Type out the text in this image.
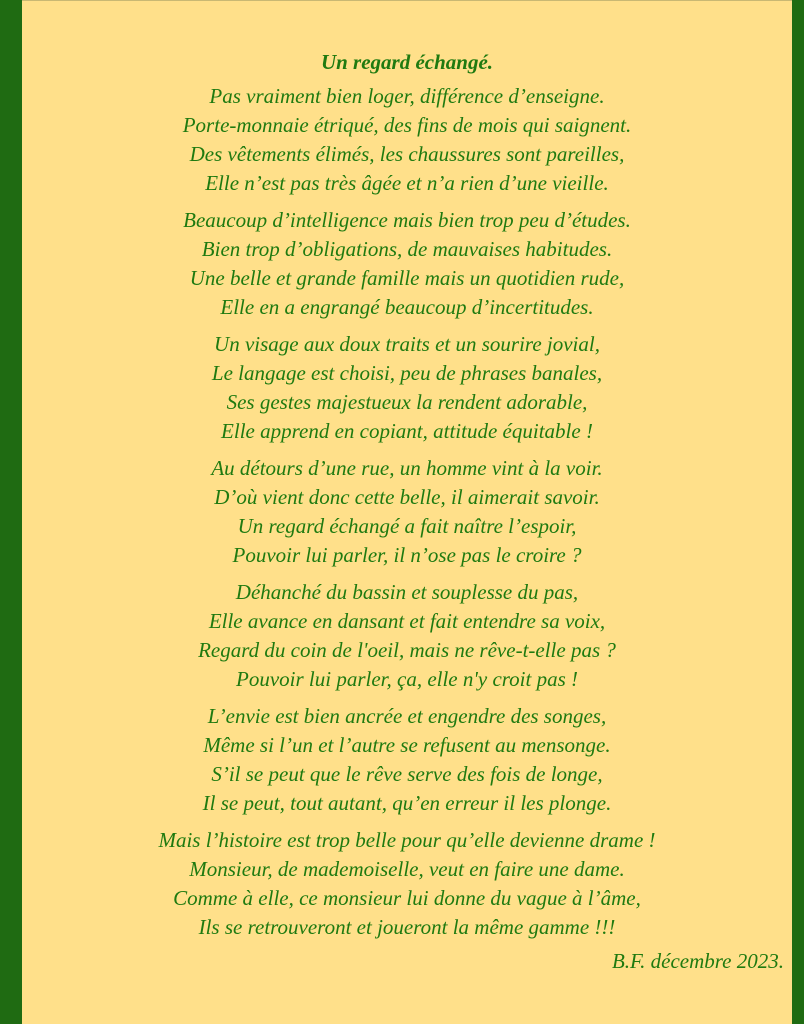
Un regard échangé.
Pas vraiment bien loger, différence d’enseigne.
Porte-monnaie étriqué, des fins de mois qui saignent.
Des vêtements élimés, les chaussures sont pareilles,
Elle n’est pas très âgée et n’a rien d’une vieille.
Beaucoup d’intelligence mais bien trop peu d’études.
Bien trop d’obligations, de mauvaises habitudes.
Une belle et grande famille mais un quotidien rude,
Elle en a engrangé beaucoup d’incertitudes.
Un visage aux doux traits et un sourire jovial,
Le langage est choisi, peu de phrases banales,
Ses gestes majestueux la rendent adorable,
Elle apprend en copiant, attitude équitable !
Au détours d’une rue, un homme vint à la voir.
D’où vient donc cette belle, il aimerait savoir.
Un regard échangé a fait naître l’espoir,
Pouvoir lui parler, il n’ose pas le croire ?
Déhanché du bassin et souplesse du pas,
Elle avance en dansant et fait entendre sa voix,
Regard du coin de l'oeil, mais ne rêve-t-elle pas ?
Pouvoir lui parler, ça, elle n'y croit pas !
L’envie est bien ancrée et engendre des songes,
Même si l’un et l’autre se refusent au mensonge.
S’il se peut que le rêve serve des fois de longe,
Il se peut, tout autant, qu’en erreur il les plonge.
Mais l’histoire est trop belle pour qu’elle devienne drame !
Monsieur, de mademoiselle, veut en faire une dame.
Comme à elle, ce monsieur lui donne du vague à l’âme,
Ils se retrouveront et joueront la même gamme !!!
B.F. décembre 2023.
